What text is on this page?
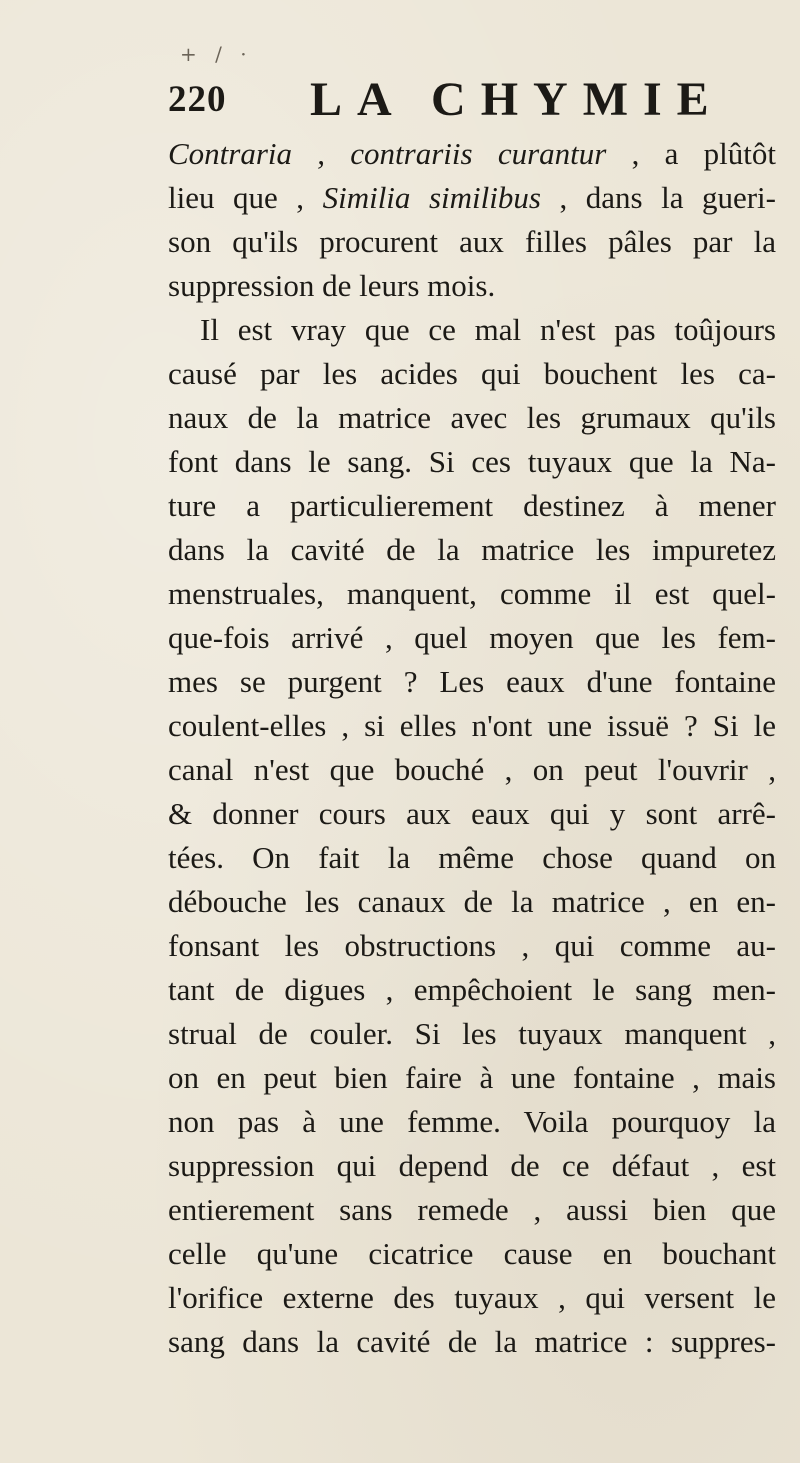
+ / ·
220 LA CHYMIE
Contraria , contrariis curantur , a plûtôt
lieu que , Similia similibus , dans la gueri-
son qu'ils procurent aux filles pâles par la
suppression de leurs mois.
Il est vray que ce mal n'est pas toûjours
causé par les acides qui bouchent les ca-
naux de la matrice avec les grumaux qu'ils
font dans le sang. Si ces tuyaux que la Na-
ture a particulierement destinez à mener
dans la cavité de la matrice les impuretez
menstruales, manquent, comme il est quel-
que-fois arrivé , quel moyen que les fem-
mes se purgent ? Les eaux d'une fontaine
coulent-elles , si elles n'ont une issuë ? Si le
canal n'est que bouché , on peut l'ouvrir ,
& donner cours aux eaux qui y sont arrê-
tées. On fait la même chose quand on
débouche les canaux de la matrice , en en-
fonsant les obstructions , qui comme au-
tant de digues , empêchoient le sang men-
strual de couler. Si les tuyaux manquent ,
on en peut bien faire à une fontaine , mais
non pas à une femme. Voila pourquoy la
suppression qui depend de ce défaut , est
entierement sans remede , aussi bien que
celle qu'une cicatrice cause en bouchant
l'orifice externe des tuyaux , qui versent le
sang dans la cavité de la matrice : suppres-
